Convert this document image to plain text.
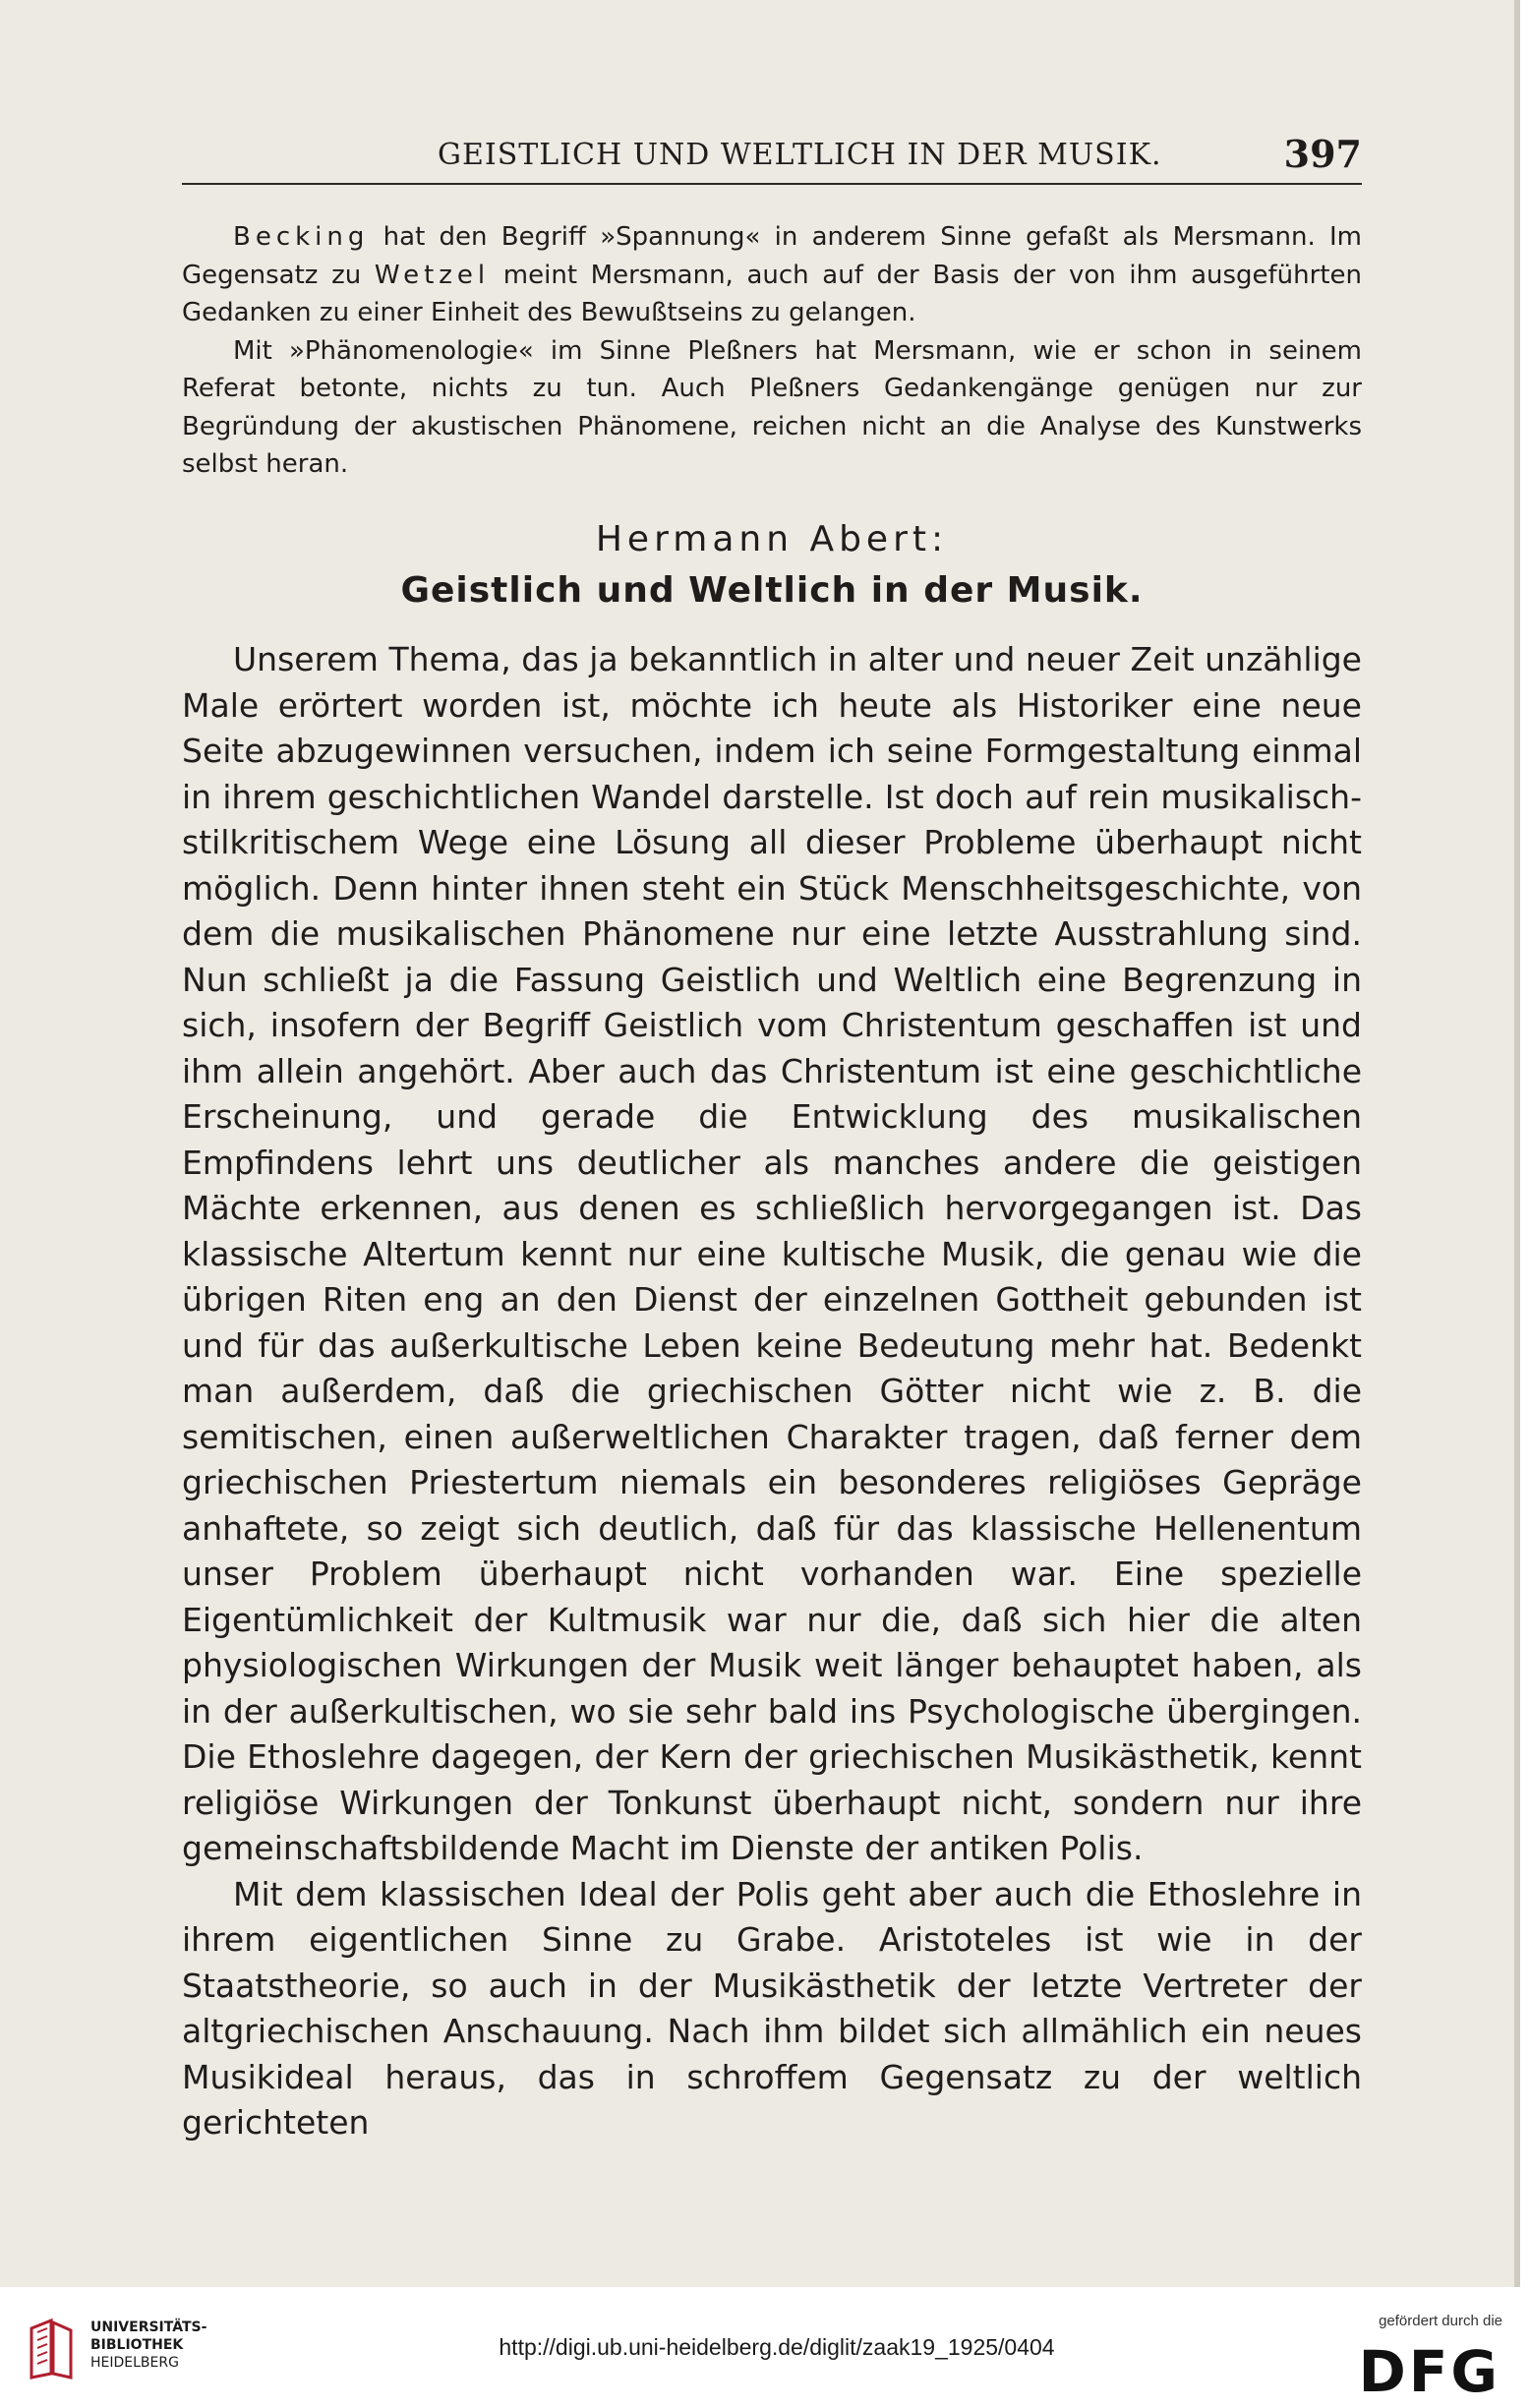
GEISTLICH UND WELTLICH IN DER MUSIK.	397

Becking hat den Begriff »Spannung« in anderem Sinne gefaßt als Mersmann. Im Gegensatz zu Wetzel meint Mersmann, auch auf der Basis der von ihm ausgeführten Gedanken zu einer Einheit des Bewußtseins zu gelangen.

Mit »Phänomenologie« im Sinne Pleßners hat Mersmann, wie er schon in seinem Referat betonte, nichts zu tun. Auch Pleßners Gedankengänge genügen nur zur Begründung der akustischen Phänomene, reichen nicht an die Analyse des Kunstwerks selbst heran.

Hermann Abert:
Geistlich und Weltlich in der Musik.

Unserem Thema, das ja bekanntlich in alter und neuer Zeit unzählige Male erörtert worden ist, möchte ich heute als Historiker eine neue Seite abzugewinnen versuchen, indem ich seine Formgestaltung einmal in ihrem geschichtlichen Wandel darstelle. Ist doch auf rein musikalisch-stilkritischem Wege eine Lösung all dieser Probleme überhaupt nicht möglich. Denn hinter ihnen steht ein Stück Menschheitsgeschichte, von dem die musikalischen Phänomene nur eine letzte Ausstrahlung sind. Nun schließt ja die Fassung Geistlich und Weltlich eine Begrenzung in sich, insofern der Begriff Geistlich vom Christentum geschaffen ist und ihm allein angehört. Aber auch das Christentum ist eine geschichtliche Erscheinung, und gerade die Entwicklung des musikalischen Empfindens lehrt uns deutlicher als manches andere die geistigen Mächte erkennen, aus denen es schließlich hervorgegangen ist. Das klassische Altertum kennt nur eine kultische Musik, die genau wie die übrigen Riten eng an den Dienst der einzelnen Gottheit gebunden ist und für das außerkultische Leben keine Bedeutung mehr hat. Bedenkt man außerdem, daß die griechischen Götter nicht wie z. B. die semitischen, einen außerweltlichen Charakter tragen, daß ferner dem griechischen Priestertum niemals ein besonderes religiöses Gepräge anhaftete, so zeigt sich deutlich, daß für das klassische Hellenentum unser Problem überhaupt nicht vorhanden war. Eine spezielle Eigentümlichkeit der Kultmusik war nur die, daß sich hier die alten physiologischen Wirkungen der Musik weit länger behauptet haben, als in der außerkultischen, wo sie sehr bald ins Psychologische übergingen. Die Ethoslehre dagegen, der Kern der griechischen Musikästhetik, kennt religiöse Wirkungen der Tonkunst überhaupt nicht, sondern nur ihre gemeinschaftsbildende Macht im Dienste der antiken Polis.

Mit dem klassischen Ideal der Polis geht aber auch die Ethoslehre in ihrem eigentlichen Sinne zu Grabe. Aristoteles ist wie in der Staatstheorie, so auch in der Musikästhetik der letzte Vertreter der altgriechischen Anschauung. Nach ihm bildet sich allmählich ein neues Musikideal heraus, das in schroffem Gegensatz zu der weltlich gerichteten

UNIVERSITÄTS-
BIBLIOTHEK
HEIDELBERG
http://digi.ub.uni-heidelberg.de/diglit/zaak19_1925/0404
gefördert durch die
DFG
